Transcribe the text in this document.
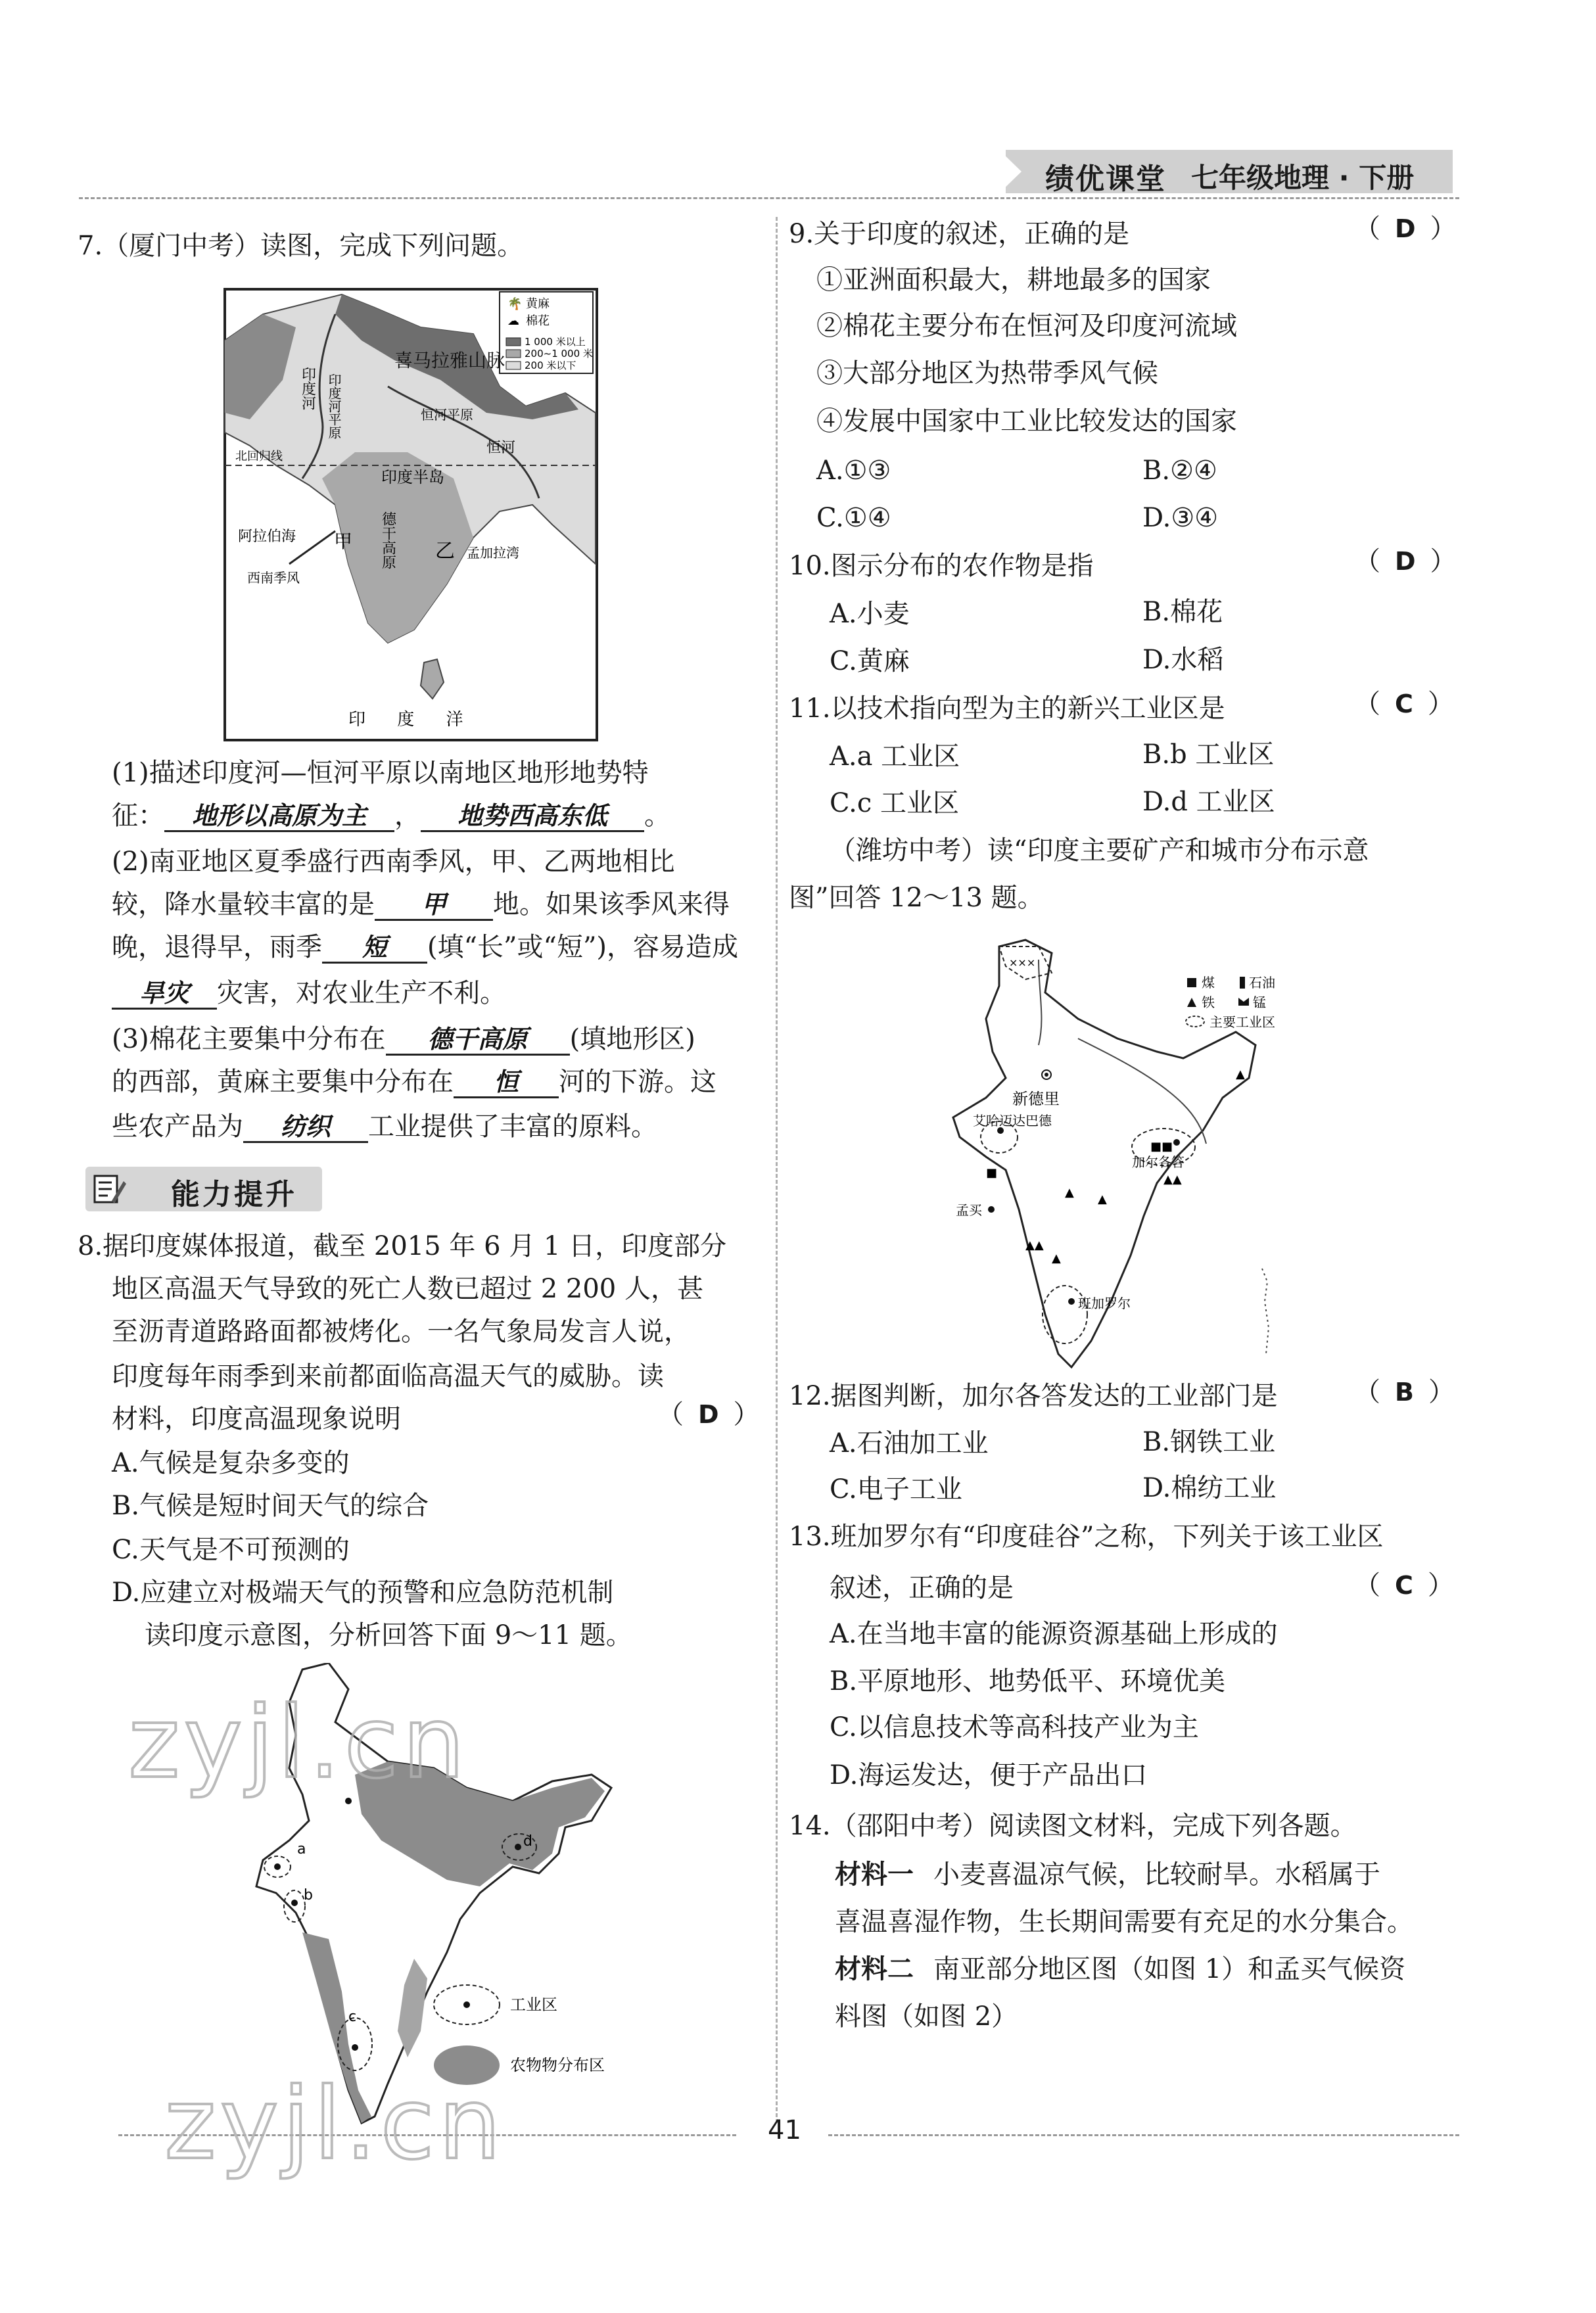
绩优课堂 七年级地理 · 下册
7.（厦门中考）读图，完成下列问题。
🌴
☁
黄麻
棉花
1 000 米以上
200~1 000 米
200 米以下
印度河 印度河平原
喜马拉雅山脉
恒河平原
恒河
北回归线
印度半岛
德干高原
阿拉伯海 甲	乙 孟加拉湾
西南季风
印 度 洋
(1)描述印度河—恒河平原以南地区地形地势特
征： 地形以高原为主 ， 地势西高东低 。
(2)南亚地区夏季盛行西南季风，甲、乙两地相比
较，降水量较丰富的是 甲 地。如果该季风来得
晚，退得早，雨季 短 (填“长”或“短”)，容易造成
旱灾 灾害，对农业生产不利。
(3)棉花主要集中分布在 德干高原 (填地形区)
的西部，黄麻主要集中分布在 恒 河的下游。这
些农产品为 纺织 工业提供了丰富的原料。
能力提升
8.据印度媒体报道，截至 2015 年 6 月 1 日，印度部分
地区高温天气导致的死亡人数已超过 2 200 人，甚
至沥青道路路面都被烤化。一名气象局发言人说，
印度每年雨季到来前都面临高温天气的威胁。读
材料，印度高温现象说明	（ D ）
A.气候是复杂多变的
B.气候是短时间天气的综合
C.天气是不可预测的
D.应建立对极端天气的预警和应急防范机制
读印度示意图，分析回答下面 9～11 题。
a
b
c
d
工业区
农物物分布区
9.关于印度的叙述，正确的是	（ D ）
①亚洲面积最大，耕地最多的国家
②棉花主要分布在恒河及印度河流域
③大部分地区为热带季风气候
④发展中国家中工业比较发达的国家
A.①③	B.②④
C.①④	D.③④
10.图示分布的农作物是指	（ D ）
A.小麦	B.棉花
C.黄麻	D.水稻
11.以技术指向型为主的新兴工业区是	（ C ）
A.a 工业区	B.b 工业区
C.c 工业区	D.d 工业区
（潍坊中考）读“印度主要矿产和城市分布示意
图”回答 12～13 题。
×××
新德里
艾哈迈达巴德
加尔各答
孟买
班加罗尔
■■
▲▲
▲ ▲
▲▲
▲
■
▲
煤	石油
铁	锰
主要工业区
12.据图判断，加尔各答发达的工业部门是	（ B ）
A.石油加工业	B.钢铁工业
C.电子工业	D.棉纺工业
13.班加罗尔有“印度硅谷”之称，下列关于该工业区
叙述，正确的是	（ C ）
A.在当地丰富的能源资源基础上形成的
B.平原地形、地势低平、环境优美
C.以信息技术等高科技产业为主
D.海运发达，便于产品出口
14.（邵阳中考）阅读图文材料，完成下列各题。
材料一 小麦喜温凉气候，比较耐旱。水稻属于
喜温喜湿作物，生长期间需要有充足的水分集合。
材料二 南亚部分地区图（如图 1）和孟买气候资
料图（如图 2）
41
zyjl.cn
zyjl.cn
